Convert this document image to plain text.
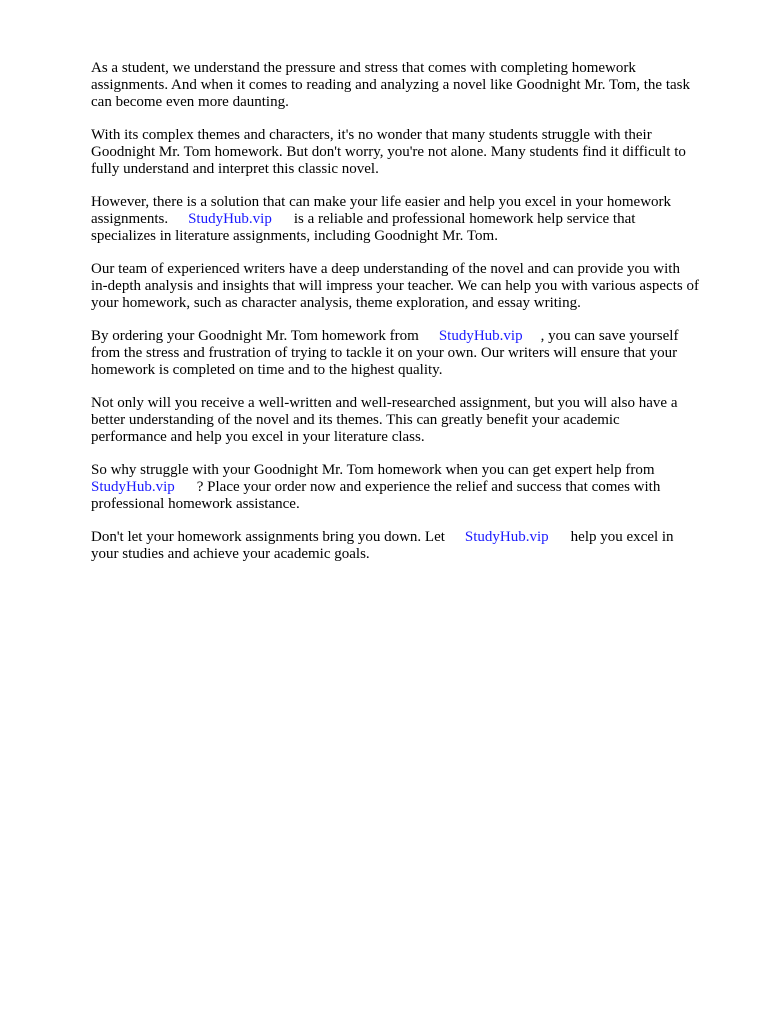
As a student, we understand the pressure and stress that comes with completing homework
assignments. And when it comes to reading and analyzing a novel like Goodnight Mr. Tom, the task
can become even more daunting.
With its complex themes and characters, it's no wonder that many students struggle with their
Goodnight Mr. Tom homework. But don't worry, you're not alone. Many students find it difficult to
fully understand and interpret this classic novel.
However, there is a solution that can make your life easier and help you excel in your homework
assignments. StudyHub.vip is a reliable and professional homework help service that
specializes in literature assignments, including Goodnight Mr. Tom.
Our team of experienced writers have a deep understanding of the novel and can provide you with
in-depth analysis and insights that will impress your teacher. We can help you with various aspects of
your homework, such as character analysis, theme exploration, and essay writing.
By ordering your Goodnight Mr. Tom homework from StudyHub.vip , you can save yourself
from the stress and frustration of trying to tackle it on your own. Our writers will ensure that your
homework is completed on time and to the highest quality.
Not only will you receive a well-written and well-researched assignment, but you will also have a
better understanding of the novel and its themes. This can greatly benefit your academic
performance and help you excel in your literature class.
So why struggle with your Goodnight Mr. Tom homework when you can get expert help from
StudyHub.vip ? Place your order now and experience the relief and success that comes with
professional homework assistance.
Don't let your homework assignments bring you down. Let StudyHub.vip help you excel in
your studies and achieve your academic goals.
